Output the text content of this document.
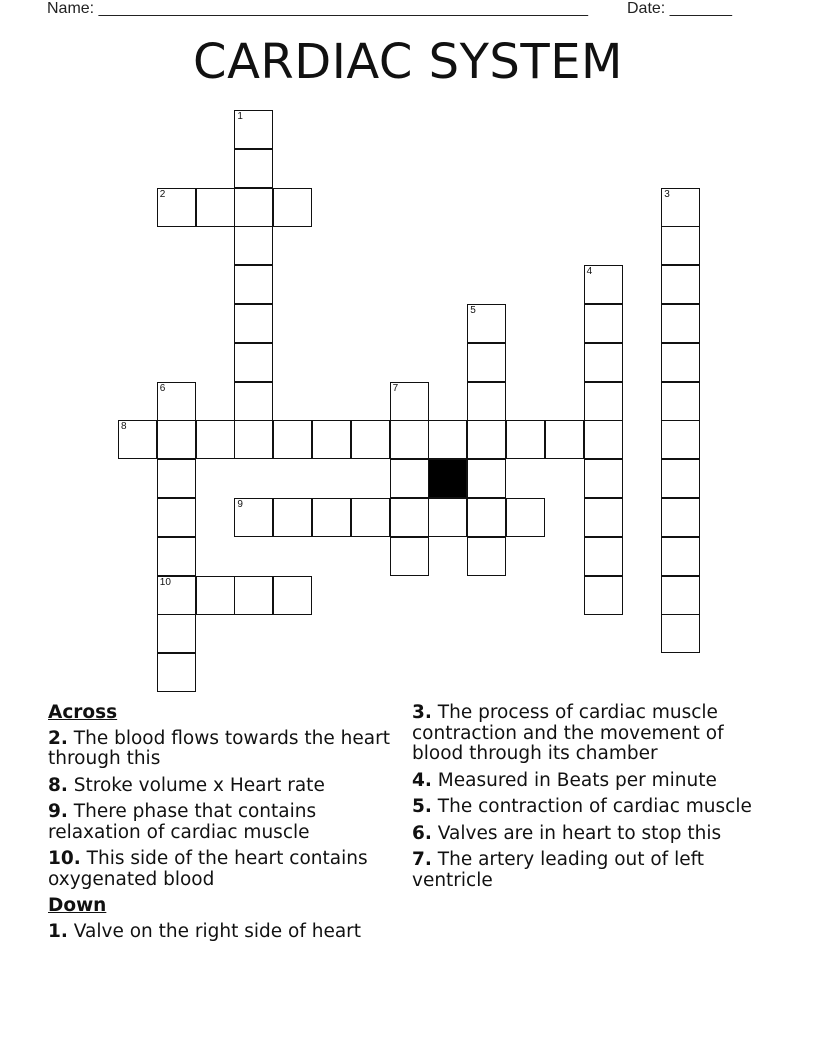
Name: _______________________________________________________ Date: _______
CARDIAC SYSTEM
1
2	3
4
5
6
10
7
8
9
Across
2. The blood flows towards the heart through this
8. Stroke volume x Heart rate
9. There phase that contains relaxation of cardiac muscle
10. This side of the heart contains oxygenated blood
Down
1. Valve on the right side of heart
3. The process of cardiac muscle contraction and the movement of blood through its chamber
4. Measured in Beats per minute
5. The contraction of cardiac muscle
6. Valves are in heart to stop this
7. The artery leading out of left ventricle
